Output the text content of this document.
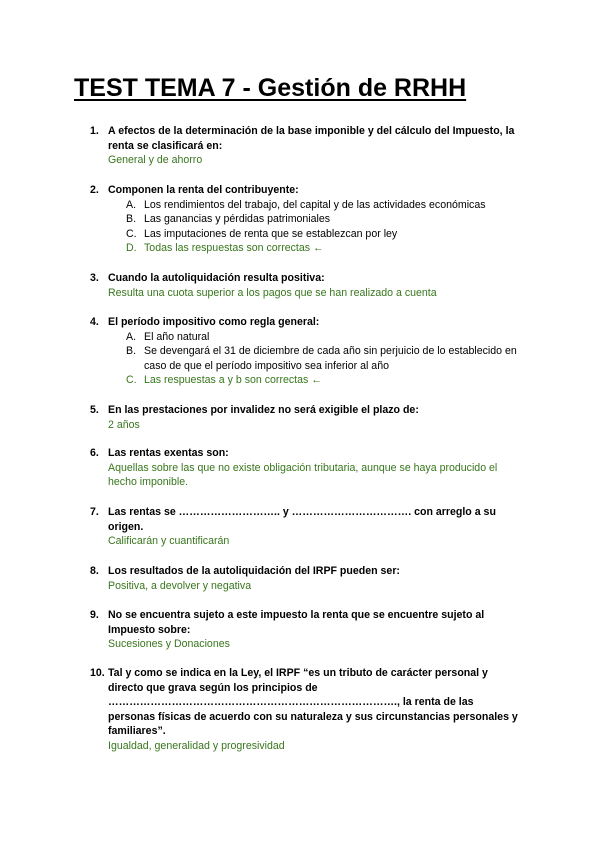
TEST TEMA 7 - Gestión de RRHH
1. A efectos de la determinación de la base imponible y del cálculo del Impuesto, la renta se clasificará en:
General y de ahorro
2. Componen la renta del contribuyente:
A. Los rendimientos del trabajo, del capital y de las actividades económicas
B. Las ganancias y pérdidas patrimoniales
C. Las imputaciones de renta que se establezcan por ley
D. Todas las respuestas son correctas ←
3. Cuando la autoliquidación resulta positiva:
Resulta una cuota superior a los pagos que se han realizado a cuenta
4. El período impositivo como regla general:
A. El año natural
B. Se devengará el 31 de diciembre de cada año sin perjuicio de lo establecido en caso de que el período impositivo sea inferior al año
C. Las respuestas a y b son correctas ←
5. En las prestaciones por invalidez no será exigible el plazo de:
2 años
6. Las rentas exentas son:
Aquellas sobre las que no existe obligación tributaria, aunque se haya producido el hecho imponible.
7. Las rentas se ……………………….. y ……………………………. con arreglo a su origen.
Calificarán y cuantificarán
8. Los resultados de la autoliquidación del IRPF pueden ser:
Positiva, a devolver y negativa
9. No se encuentra sujeto a este impuesto la renta que se encuentre sujeto al Impuesto sobre:
Sucesiones y Donaciones
10. Tal y como se indica en la Ley, el IRPF “es un tributo de carácter personal y directo que grava según los principios de ………………………………………………………………………., la renta de las personas físicas de acuerdo con su naturaleza y sus circunstancias personales y familiares”.
Igualdad, generalidad y progresividad
